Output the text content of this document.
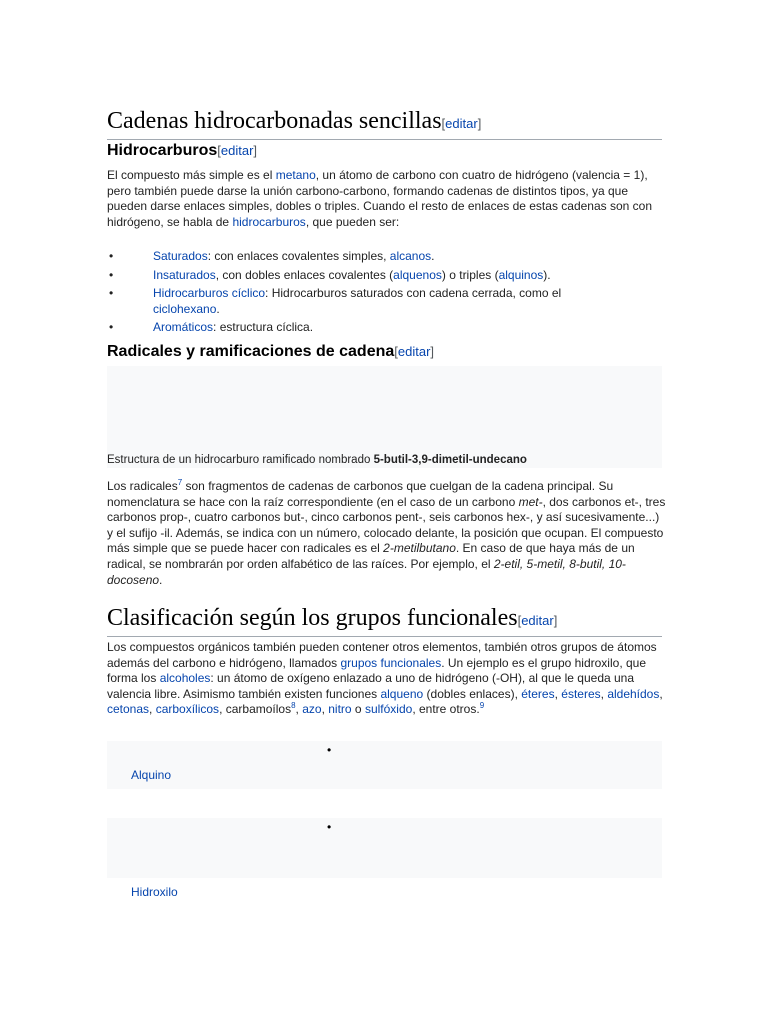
Cadenas hidrocarbonadas sencillas[editar]
Hidrocarburos[editar]

El compuesto más simple es el metano, un átomo de carbono con cuatro de hidrógeno (valencia = 1), pero también puede darse la unión carbono-carbono, formando cadenas de distintos tipos, ya que pueden darse enlaces simples, dobles o triples. Cuando el resto de enlaces de estas cadenas son con hidrógeno, se habla de hidrocarburos, que pueden ser:

•	Saturados: con enlaces covalentes simples, alcanos.
•	Insaturados, con dobles enlaces covalentes (alquenos) o triples (alquinos).
•	Hidrocarburos cíclico: Hidrocarburos saturados con cadena cerrada, como el ciclohexano.
•	Aromáticos: estructura cíclica.
Radicales y ramificaciones de cadena[editar]
Estructura de un hidrocarburo ramificado nombrado 5-butil-3,9-dimetil-undecano

Los radicales$^7$ son fragmentos de cadenas de carbonos que cuelgan de la cadena principal. Su nomenclatura se hace con la raíz correspondiente (en el caso de un carbono met-, dos carbonos et-, tres carbonos prop-, cuatro carbonos but-, cinco carbonos pent-, seis carbonos hex-, y así sucesivamente...) y el sufijo -il. Además, se indica con un número, colocado delante, la posición que ocupan. El compuesto más simple que se puede hacer con radicales es el 2-metilbutano. En caso de que haya más de un radical, se nombrarán por orden alfabético de las raíces. Por ejemplo, el 2-etil, 5-metil, 8-butil, 10-docoseno.

Clasificación según los grupos funcionales[editar]

Los compuestos orgánicos también pueden contener otros elementos, también otros grupos de átomos además del carbono e hidrógeno, llamados grupos funcionales. Un ejemplo es el grupo hidroxilo, que forma los alcoholes: un átomo de oxígeno enlazado a uno de hidrógeno (-OH), al que le queda una valencia libre. Asimismo también existen funciones alqueno (dobles enlaces), éteres, ésteres, aldehídos, cetonas, carboxílicos, carbamoílos$^8$, azo, nitro o sulfóxido, entre otros.$^9$

•
Alquino
•
Hidroxilo
